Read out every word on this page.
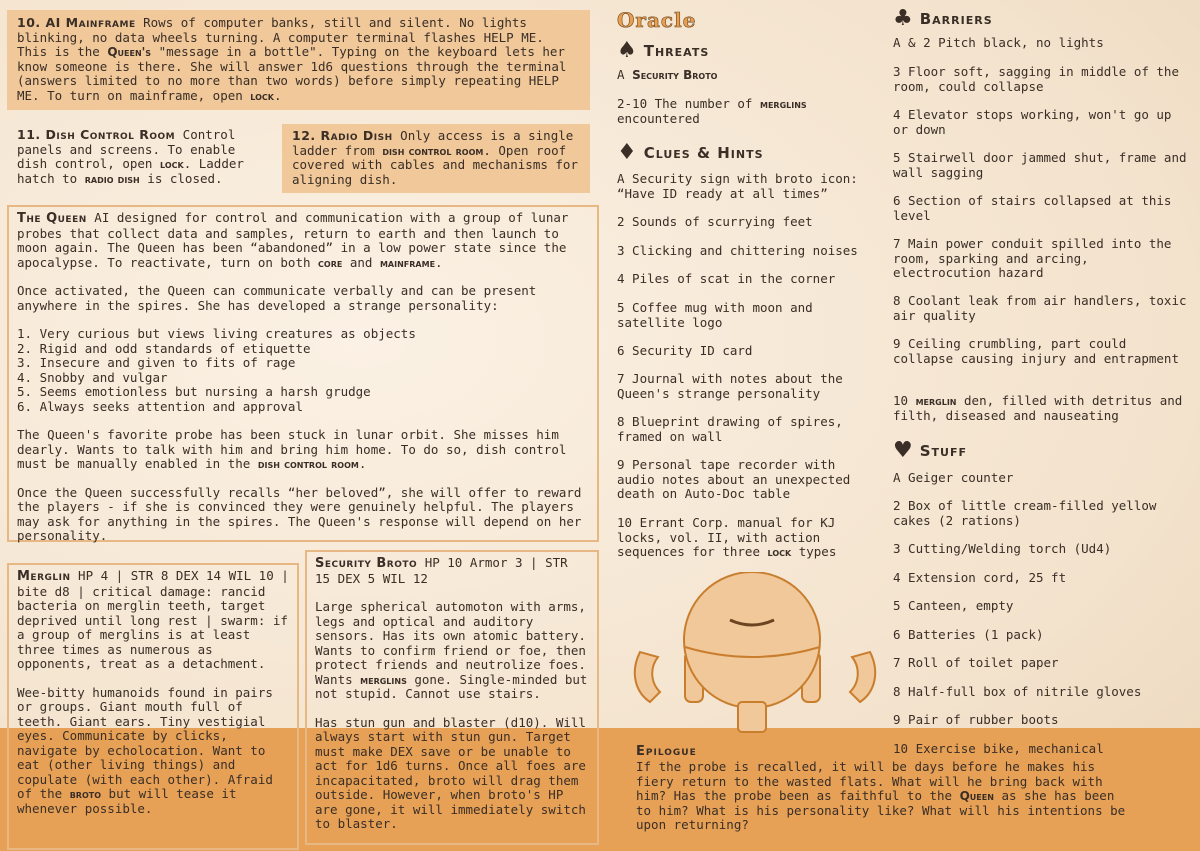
10. AI Mainframe Rows of computer banks, still and silent. No lights blinking, no data wheels turning. A computer terminal flashes HELP ME. This is the Queen's "message in a bottle". Typing on the keyboard lets her know someone is there. She will answer 1d6 questions through the terminal (answers limited to no more than two words) before simply repeating HELP ME. To turn on mainframe, open lock.
11. Dish Control Room Control panels and screens. To enable dish control, open lock. Ladder hatch to radio dish is closed.
12. Radio Dish Only access is a single ladder from dish control room. Open roof covered with cables and mechanisms for aligning dish.

The Queen AI designed for control and communication with a group of lunar probes that collect data and samples, return to earth and then launch to moon again. The Queen has been “abandoned” in a low power state since the apocalypse. To reactivate, turn on both core and mainframe.

Once activated, the Queen can communicate verbally and can be present anywhere in the spires. She has developed a strange personality:

1. Very curious but views living creatures as objects
2. Rigid and odd standards of etiquette
3. Insecure and given to fits of rage
4. Snobby and vulgar
5. Seems emotionless but nursing a harsh grudge
6. Always seeks attention and approval

The Queen's favorite probe has been stuck in lunar orbit. She misses him dearly. Wants to talk with him and bring him home. To do so, dish control must be manually enabled in the dish control room.

Once the Queen successfully recalls “her beloved”, she will offer to reward the players - if she is convinced they were genuinely helpful. The players may ask for anything in the spires. The Queen's response will depend on her personality.

Merglin HP 4 | STR 8 DEX 14 WIL 10 | bite d8 | critical damage: rancid bacteria on merglin teeth, target deprived until long rest | swarm: if a group of merglins is at least three times as numerous as opponents, treat as a detachment.

Wee-bitty humanoids found in pairs or groups. Giant mouth full of teeth. Giant ears. Tiny vestigial eyes. Communicate by clicks, navigate by echolocation. Want to eat (other living things) and copulate (with each other). Afraid of the broto but will tease it whenever possible.

Security Broto HP 10 Armor 3 | STR 15 DEX 5 WIL 12

Large spherical automoton with arms, legs and optical and auditory sensors. Has its own atomic battery. Wants to confirm friend or foe, then protect friends and neutrolize foes. Wants merglins gone. Single-minded but not stupid. Cannot use stairs.

Has stun gun and blaster (d10). Will always start with stun gun. Target must make DEX save or be unable to act for 1d6 turns. Once all foes are incapacitated, broto will drag them outside. However, when broto's HP are gone, it will immediately switch to blaster.

Oracle
♠ Threats
A Security Broto
2-10 The number of merglins encountered
♦ Clues & Hints
A Security sign with broto icon: “Have ID ready at all times”
2 Sounds of scurrying feet
3 Clicking and chittering noises
4 Piles of scat in the corner
5 Coffee mug with moon and satellite logo
6 Security ID card
7 Journal with notes about the Queen's strange personality
8 Blueprint drawing of spires, framed on wall
9 Personal tape recorder with audio notes about an unexpected death on Auto-Doc table
10 Errant Corp. manual for KJ locks, vol. II, with action sequences for three lock types
♣ Barriers
A & 2 Pitch black, no lights
3 Floor soft, sagging in middle of the room, could collapse
4 Elevator stops working, won't go up or down
5 Stairwell door jammed shut, frame and wall sagging
6 Section of stairs collapsed at this level
7 Main power conduit spilled into the room, sparking and arcing, electrocution hazard
8 Coolant leak from air handlers, toxic air quality
9 Ceiling crumbling, part could collapse causing injury and entrapment
10 merglin den, filled with detritus and filth, diseased and nauseating
♥ Stuff
A Geiger counter
2 Box of little cream-filled yellow cakes (2 rations)
3 Cutting/Welding torch (Ud4)
4 Extension cord, 25 ft
5 Canteen, empty
6 Batteries (1 pack)
7 Roll of toilet paper
8 Half-full box of nitrile gloves
9 Pair of rubber boots
10 Exercise bike, mechanical
Epilogue
If the probe is recalled, it will be days before he makes his fiery return to the wasted flats. What will he bring back with him? Has the probe been as faithful to the Queen as she has been to him? What is his personality like? What will his intentions be upon returning?
